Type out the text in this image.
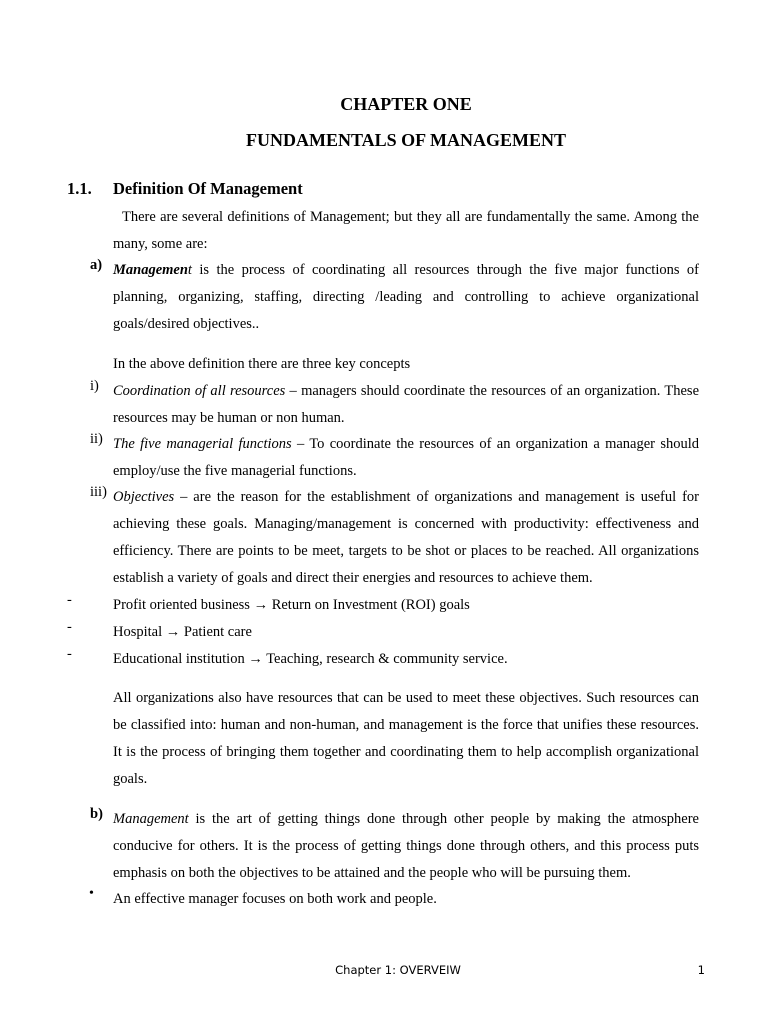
CHAPTER ONE
FUNDAMENTALS OF MANAGEMENT
1.1. Definition Of Management
There are several definitions of Management; but they all are fundamentally the same. Among the many, some are:
a) Management is the process of coordinating all resources through the five major functions of planning, organizing, staffing, directing /leading and controlling to achieve organizational goals/desired objectives..
In the above definition there are three key concepts
i) Coordination of all resources – managers should coordinate the resources of an organization. These resources may be human or non human.
ii) The five managerial functions – To coordinate the resources of an organization a manager should employ/use the five managerial functions.
iii) Objectives – are the reason for the establishment of organizations and management is useful for achieving these goals. Managing/management is concerned with productivity: effectiveness and efficiency. There are points to be meet, targets to be shot or places to be reached. All organizations establish a variety of goals and direct their energies and resources to achieve them.
-	Profit oriented business → Return on Investment (ROI) goals
-	Hospital → Patient care
-	Educational institution → Teaching, research & community service.
All organizations also have resources that can be used to meet these objectives. Such resources can be classified into: human and non-human, and management is the force that unifies these resources. It is the process of bringing them together and coordinating them to help accomplish organizational goals.
b) Management is the art of getting things done through other people by making the atmosphere conducive for others. It is the process of getting things done through others, and this process puts emphasis on both the objectives to be attained and the people who will be pursuing them.
• An effective manager focuses on both work and people.
Chapter 1: OVERVEIW	1
